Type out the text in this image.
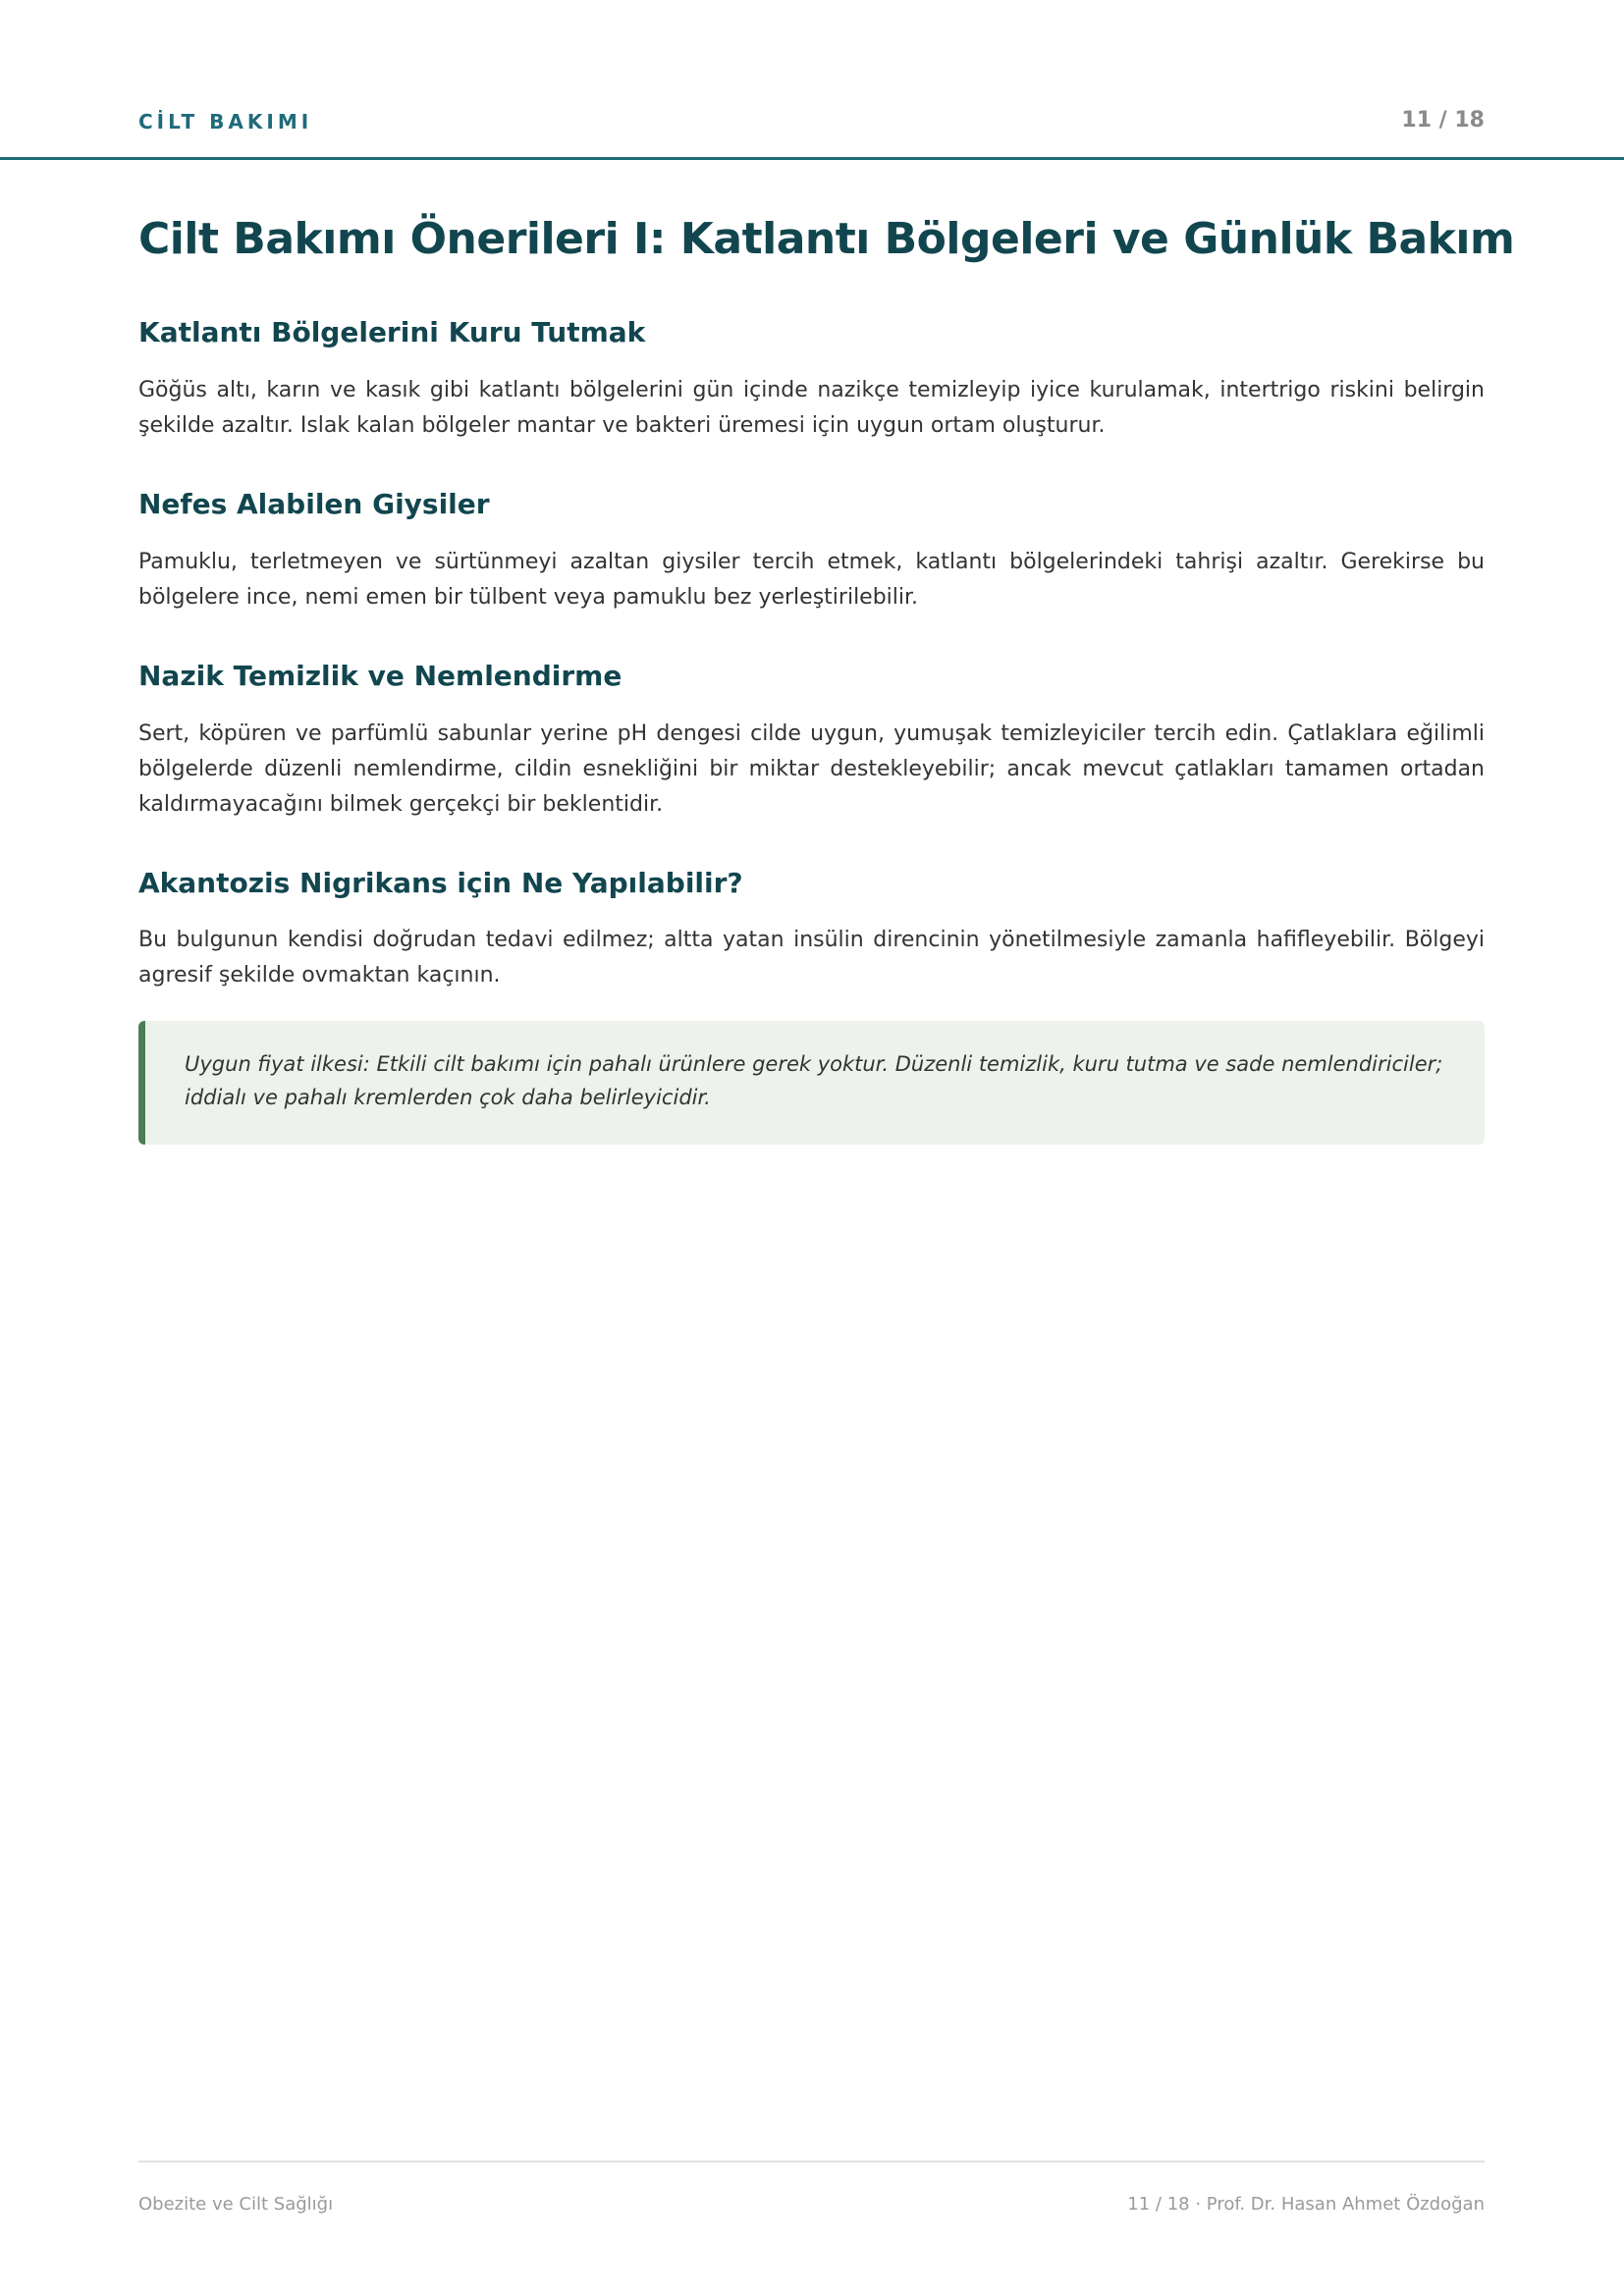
CİLT BAKIMI	11 / 18
Cilt Bakımı Önerileri I: Katlantı Bölgeleri ve Günlük Bakım
Katlantı Bölgelerini Kuru Tutmak

Göğüs altı, karın ve kasık gibi katlantı bölgelerini gün içinde nazikçe temizleyip iyice kurulamak, intertrigo riskini belirgin şekilde azaltır. Islak kalan bölgeler mantar ve bakteri üremesi için uygun ortam oluşturur.

Nefes Alabilen Giysiler

Pamuklu, terletmeyen ve sürtünmeyi azaltan giysiler tercih etmek, katlantı bölgelerindeki tahrişi azaltır. Gerekirse bu bölgelere ince, nemi emen bir tülbent veya pamuklu bez yerleştirilebilir.

Nazik Temizlik ve Nemlendirme

Sert, köpüren ve parfümlü sabunlar yerine pH dengesi cilde uygun, yumuşak temizleyiciler tercih edin. Çatlaklara eğilimli bölgelerde düzenli nemlendirme, cildin esnekliğini bir miktar destekleyebilir; ancak mevcut çatlakları tamamen ortadan kaldırmayacağını bilmek gerçekçi bir beklentidir.

Akantozis Nigrikans için Ne Yapılabilir?

Bu bulgunun kendisi doğrudan tedavi edilmez; altta yatan insülin direncinin yönetilmesiyle zamanla hafifleyebilir. Bölgeyi agresif şekilde ovmaktan kaçının.

Uygun fiyat ilkesi: Etkili cilt bakımı için pahalı ürünlere gerek yoktur. Düzenli temizlik, kuru tutma ve sade nemlendiriciler; iddialı ve pahalı kremlerden çok daha belirleyicidir.
Obezite ve Cilt Sağlığı	11 / 18 · Prof. Dr. Hasan Ahmet Özdoğan
